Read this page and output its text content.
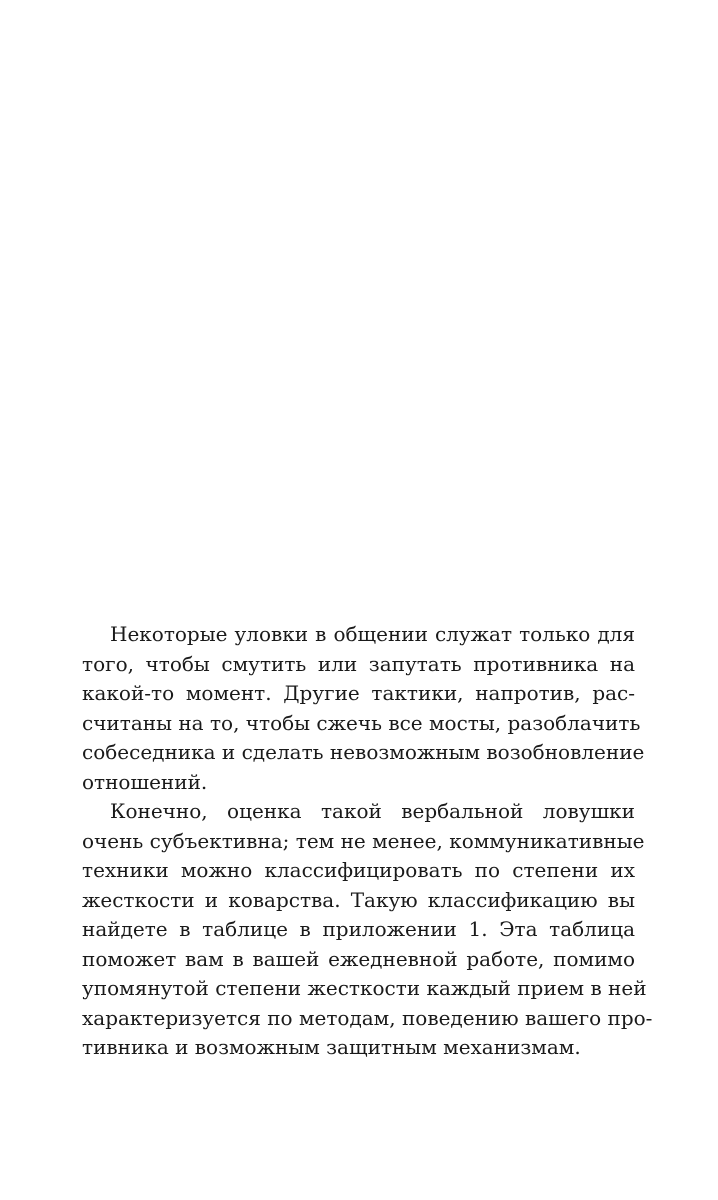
Некоторые уловки в общении служат только для
того, чтобы смутить или запутать противника на
какой-то момент. Другие тактики, напротив, рас-
считаны на то, чтобы сжечь все мосты, разоблачить
собеседника и сделать невозможным возобновление
отношений.

Конечно, оценка такой вербальной ловушки
очень субъективна; тем не менее, коммуникативные
техники можно классифицировать по степени их
жесткости и коварства. Такую классификацию вы
найдете в таблице в приложении 1. Эта таблица
поможет вам в вашей ежедневной работе, помимо
упомянутой степени жесткости каждый прием в ней
характеризуется по методам, поведению вашего про-
тивника и возможным защитным механизмам.
